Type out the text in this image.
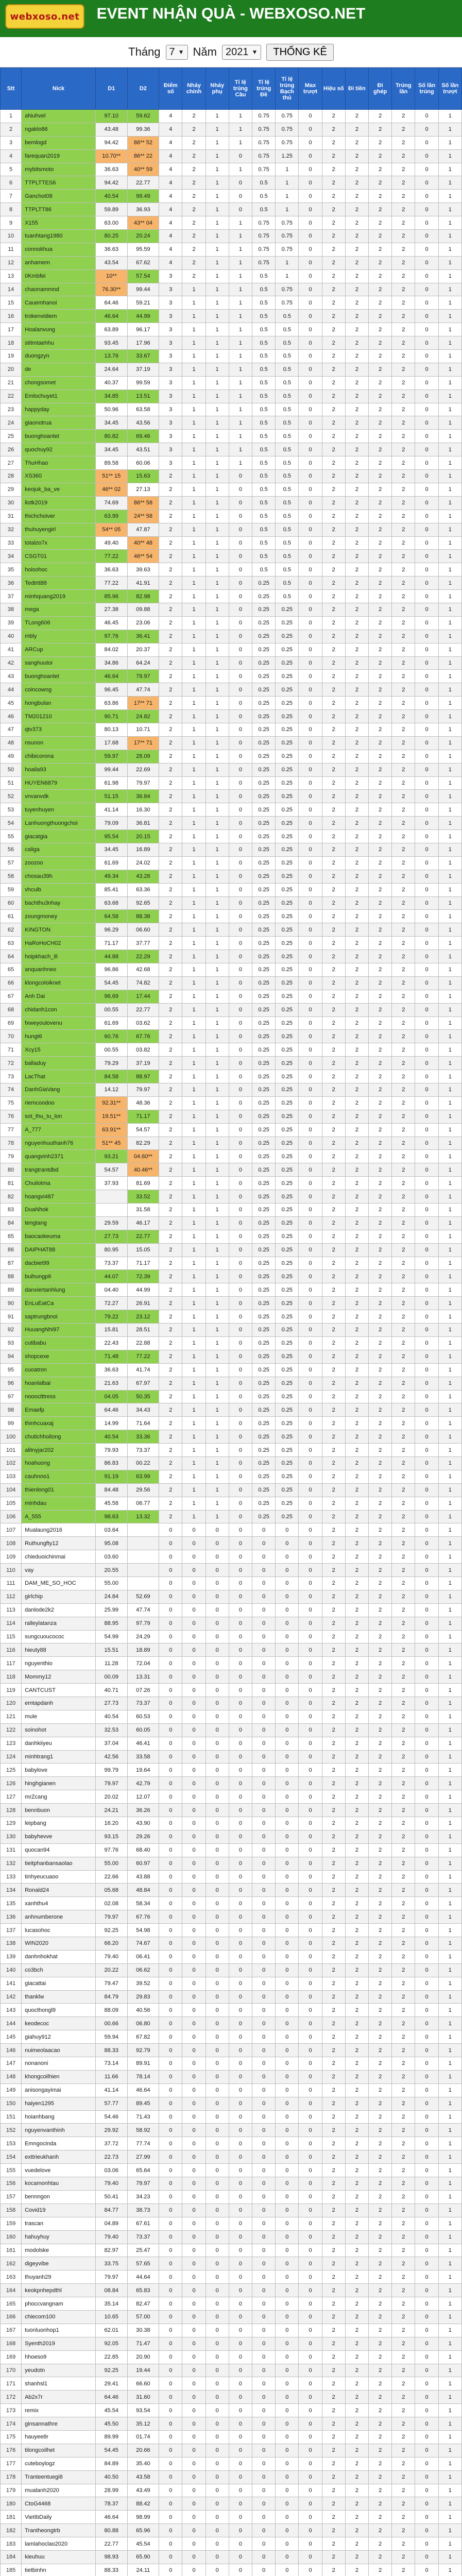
webxoso.net	EVENT NHẬN QUÀ - WEBXOSO.NET
Tháng 7 ▼ Năm 2021 ▼	THỐNG KÊ
Stt	Nick	D1	D2	Điểm số	Nhảy chính	Nhảy phụ	Tỉ lệ trúng Cầu	Tỉ lệ trúng Đề	Tỉ lệ trúng Bạch thủ	Max trượt	Hiệu số	Đi tiền	Đi ghép	Trúng lần	Số lần trúng	Số lần trượt
1	aNuhvel	97.10	59.62	4	2	1	1	0.75	0.75	0	2	2	2	2	0	1
2	ngaklo86	43.48	99.36	4	2	1	1	0.75	0.75	0	2	2	2	2	0	1
3	bemlogd	94.42	86** 52	4	2	1	1	0.75	0.75	0	2	2	2	2	0	1
4	farequan2019	10.70**	86** 22	4	2	1	0	0.75	1.25	0	2	2	2	2	0	1
5	mybitsmoto	36.63	40** 59	4	2	1	1	0.75	1	0	2	2	2	2	0	1
6	TTPLTTES6	94.42	22.77	4	2	1	0	0.5	1	0	2	2	2	2	0	1
7	Ganchot08	40.54	99.49	4	2	1	0	0.5	1	0	2	2	2	2	0	1
8	TTPLTT86	59.89	36.93	4	2	1	0	0.5	1	0	2	2	2	2	0	1
9	X155	63.00	43** 04	4	2	1	1	0.75	0.75	0	2	2	2	2	0	1
10	tuanhtang1980	80.25	20.24	4	2	1	1	0.75	0.75	0	2	2	2	2	0	1
11	connokhua	36.63	95.59	4	2	1	1	0.75	0.75	0	2	2	2	2	0	1
12	anhamem	43.54	67.62	4	2	1	1	0.75	1	0	2	2	2	2	0	1
13	0Kmbfei	10**	57.54	3	2	1	1	0.5	1	0	2	2	2	2	0	1
14	chaonammnd	76.30**	99.44	3	1	1	1	0.5	0.75	0	2	2	2	2	0	1
15	Cauemhanoi	64.46	59.21	3	1	1	1	0.5	0.75	0	2	2	2	2	0	1
16	trokenvidiem	46.64	44.99	3	1	1	1	0.5	0.5	0	2	2	2	2	0	1
17	Hoalanvung	63.89	96.17	3	1	1	1	0.5	0.5	0	2	2	2	2	0	1
18	stitmtaehhu	93.45	17.96	3	1	1	1	0.5	0.5	0	2	2	2	2	0	1
19	duongzyn	13.76	33.67	3	1	1	1	0.5	0.5	0	2	2	2	2	0	1
20	de	24.64	37.19	3	1	1	1	0.5	0.5	0	2	2	2	2	0	1
21	chongsomet	40.37	99.59	3	1	1	1	0.5	0.5	0	2	2	2	2	0	1
22	Emlochuyet1	34.85	13.51	3	1	1	1	0.5	0.5	0	2	2	2	2	0	1
23	happyday	50.96	63.58	3	1	1	1	0.5	0.5	0	2	2	2	2	0	1
24	giaonotrua	34.45	43.56	3	1	1	1	0.5	0.5	0	2	2	2	2	0	1
25	buonghoanlet	80.82	69.46	3	1	1	1	0.5	0.5	0	2	2	2	2	0	1
26	quochuy92	34.45	43.51	3	1	1	1	0.5	0.5	0	2	2	2	2	0	1
27	ThuHhao	89.58	60.06	3	1	1	1	0.5	0.5	0	2	2	2	2	0	1
28	XS360	51** 15	15.63	2	1	1	0	0.5	0.5	0	2	2	2	2	0	1
29	keojuk_ba_ve	46** 02	27.13	2	1	1	0	0.5	0.5	0	2	2	2	2	0	1
30	liotk2019	74.69	86** 58	2	1	1	0	0.5	0.5	0	2	2	2	2	0	1
31	thichchoiver	63.99	24** 58	2	1	1	0	0.5	0.5	0	2	2	2	2	0	1
32	thuhuyengirl	54** 05	47.87	2	1	1	0	0.5	0.5	0	2	2	2	2	0	1
33	totalzo7x	49.40	40** 48	2	1	1	0	0.5	0.5	0	2	2	2	2	0	1
34	CSGT01	77.22	46** 54	2	1	1	0	0.5	0.5	0	2	2	2	2	0	1
35	hoisohoc	36.63	39.63	2	1	1	0	0.5	0.5	0	2	2	2	2	0	1
36	Tedtrtt88	77.22	41.91	2	1	1	0	0.25	0.5	0	2	2	2	2	0	1
37	minhquang2019	85.96	82.98	2	1	1	0	0.25	0.5	0	2	2	2	2	0	1
38	mega	27.38	09.88	2	1	1	0	0.25	0.25	0	2	2	2	2	0	1
39	TLong606	46.45	23.06	2	1	1	0	0.25	0.25	0	2	2	2	2	0	1
40	mbly	97.76	36.41	2	1	1	0	0.25	0.25	0	2	2	2	2	0	1
41	ARCup	84.02	20.37	2	1	1	0	0.25	0.25	0	2	2	2	2	0	1
42	sanghuutoi	34.86	64.24	2	1	1	0	0.25	0.25	0	2	2	2	2	0	1
43	buonghoanlet	46.64	79.97	2	1	1	0	0.25	0.25	0	2	2	2	2	0	1
44	coincowng	96.45	47.74	2	1	1	0	0.25	0.25	0	2	2	2	2	0	1
45	hongbulan	63.86	17** 71	2	1	1	0	0.25	0.25	0	2	2	2	2	0	1
46	TM201210	90.71	24.82	2	1	1	0	0.25	0.25	0	2	2	2	2	0	1
47	qtv373	80.13	10.71	2	1	1	0	0.25	0.25	0	2	2	2	2	0	1
48	nsunon	17.68	17** 71	2	1	1	0	0.25	0.25	0	2	2	2	2	0	1
49	chibicorona	59.97	28.09	2	1	1	0	0.25	0.25	0	2	2	2	2	0	1
50	hoaila93	99.44	22.69	2	1	1	0	0.25	0.25	0	2	2	2	2	0	1
51	HUYEN6879	61.98	79.97	2	1	1	0	0.25	0.25	0	2	2	2	2	0	1
52	vnvanvdk	51.15	36.84	2	1	1	0	0.25	0.25	0	2	2	2	2	0	1
53	tuyenhuyen	41.14	16.30	2	1	1	0	0.25	0.25	0	2	2	2	2	0	1
54	Lanhuongthuongchoi	79.09	36.81	2	1	1	0	0.25	0.25	0	2	2	2	2	0	1
55	giacatgia	95.54	20.15	2	1	1	0	0.25	0.25	0	2	2	2	2	0	1
56	caliga	34.45	16.89	2	1	1	0	0.25	0.25	0	2	2	2	2	0	1
57	zoozoo	61.69	24.02	2	1	1	0	0.25	0.25	0	2	2	2	2	0	1
58	chosau39h	49.34	43.28	2	1	1	0	0.25	0.25	0	2	2	2	2	0	1
59	vhcuib	85.41	63.36	2	1	1	0	0.25	0.25	0	2	2	2	2	0	1
60	bachthu3nhay	63.68	92.65	2	1	1	0	0.25	0.25	0	2	2	2	2	0	1
61	zoungmoney	64.58	88.38	2	1	1	0	0.25	0.25	0	2	2	2	2	0	1
62	KINGTON	96.29	06.60	2	1	1	0	0.25	0.25	0	2	2	2	2	0	1
63	HaRoHoCH02	71.17	37.77	2	1	1	0	0.25	0.25	0	2	2	2	2	0	1
64	hoipkhach_ill	44.88	22.29	2	1	1	0	0.25	0.25	0	2	2	2	2	0	1
65	anquanhneo	96.86	42.68	2	1	1	0	0.25	0.25	0	2	2	2	2	0	1
66	klongcoloiknet	54.45	74.82	2	1	1	0	0.25	0.25	0	2	2	2	2	0	1
67	Anh Dai	96.69	17.44	2	1	1	0	0.25	0.25	0	2	2	2	2	0	1
68	chidanh1con	00.55	22.77	2	1	1	0	0.25	0.25	0	2	2	2	2	0	1
69	fxweyoulovenu	61.69	03.62	2	1	1	0	0.25	0.25	0	2	2	2	2	0	1
70	hungt6	60.76	67.76	2	1	1	0	0.25	0.25	0	2	2	2	2	0	1
71	Xcy15	00.55	03.82	2	1	1	0	0.25	0.25	0	2	2	2	2	0	1
72	balladuy	79.29	37.19	2	1	1	0	0.25	0.25	0	2	2	2	2	0	1
73	LacThat	84.58	88.97	2	1	1	0	0.25	0.25	0	2	2	2	2	0	1
74	DanhGiaVang	14.12	79.97	2	1	1	0	0.25	0.25	0	2	2	2	2	0	1
75	riemcoodoo	92.31**	48.36	2	1	1	0	0.25	0.25	0	2	2	2	2	0	1
76	sot_thu_tu_lon	19.51**	71.17	2	1	1	0	0.25	0.25	0	2	2	2	2	0	1
77	A_777	63.91**	54.57	2	1	1	0	0.25	0.25	0	2	2	2	2	0	1
78	nguyenhuuthanh76	51** 45	82.29	2	1	1	0	0.25	0.25	0	2	2	2	2	0	1
79	quangvinh2371	93.21	04.60**	2	1	1	0	0.25	0.25	0	2	2	2	2	0	1
80	trangtrantdbd	54.57	40.46**	2	1	1	0	0.25	0.25	0	2	2	2	2	0	1
81	Chuilotma	37.93	81.69	2	1	1	0	0.25	0.25	0	2	2	2	2	0	1
82	hoangvi487		33.52	2	1	1	0	0.25	0.25	0	2	2	2	2	0	1
83	DuaNhok		31.58	2	1	1	0	0.25	0.25	0	2	2	2	2	0	1
84	tengtang	29.59	46.17	2	1	1	0	0.25	0.25	0	2	2	2	2	0	1
85	baocaokeuma	27.73	22.77	2	1	1	0	0.25	0.25	0	2	2	2	2	0	1
86	DAIPHAT88	80.95	15.05	2	1	1	0	0.25	0.25	0	2	2	2	2	0	1
87	dacbiet99	73.37	71.17	2	1	1	0	0.25	0.25	0	2	2	2	2	0	1
88	buihungp6	44.07	72.39	2	1	1	0	0.25	0.25	0	2	2	2	2	0	1
89	danxiertanhlung	04.40	44.99	2	1	1	0	0.25	0.25	0	2	2	2	2	0	1
90	EnLuEatCa	72.27	26.91	2	1	1	0	0.25	0.25	0	2	2	2	2	0	1
91	saptrungbnoi	79.22	23.12	2	1	1	0	0.25	0.25	0	2	2	2	2	0	1
92	HuuangNhi97	15.81	28.51	2	1	1	0	0.25	0.25	0	2	2	2	2	0	1
93	cutibabu	22.43	22.88	2	1	1	0	0.25	0.25	0	2	2	2	2	0	1
94	shopcexe	71.48	77.22	2	1	1	0	0.25	0.25	0	2	2	2	2	0	1
95	cuoatron	36.63	41.74	2	1	1	0	0.25	0.25	0	2	2	2	2	0	1
96	hoanlalbai	21.63	67.97	2	1	1	0	0.25	0.25	0	2	2	2	2	0	1
97	noooctttress	04.05	50.35	2	1	1	0	0.25	0.25	0	2	2	2	2	0	1
98	Emaefp	64.46	34.43	2	1	1	0	0.25	0.25	0	2	2	2	2	0	1
99	thinhcuaxaj	14.99	71.64	2	1	1	0	0.25	0.25	0	2	2	2	2	0	1
100	chutichhoilong	40.54	33.36	2	1	1	0	0.25	0.25	0	2	2	2	2	0	1
101	alitnyjar202	79.93	73.37	2	1	1	0	0.25	0.25	0	2	2	2	2	0	1
102	hoahuong	86.83	00.22	2	1	1	0	0.25	0.25	0	2	2	2	2	0	1
103	cauhnno1	91.19	63.99	2	1	1	0	0.25	0.25	0	2	2	2	2	0	1
104	thienlong01	84.48	29.56	2	1	1	0	0.25	0.25	0	2	2	2	2	0	1
105	minhdau	45.58	06.77	2	1	1	0	0.25	0.25	0	2	2	2	2	0	1
106	A_555	98.63	13.32	2	1	1	0	0.25	0.25	0	2	2	2	2	0	1
107	Mualaung2016	03.64		0	0	0	0	0	0	0	2	2	2	2	0	1
108	Ruthungfty12	95.08		0	0	0	0	0	0	0	2	2	2	2	0	1
109	chieduoichinmai	03.60		0	0	0	0	0	0	0	2	2	2	2	0	1
110	vay	20.55		0	0	0	0	0	0	0	2	2	2	2	0	1
111	DAM_ME_SO_HOC	55.00		0	0	0	0	0	0	0	2	2	2	2	0	1
112	girlchip	24.84	52.69	0	0	0	0	0	0	0	2	2	2	2	0	1
113	danlode2k2	25.99	47.74	0	0	0	0	0	0	0	2	2	2	2	0	1
114	ralleylatanza	88.95	97.79	0	0	0	0	0	0	0	2	2	2	2	0	1
115	sungcuoucococ	54.99	24.29	0	0	0	0	0	0	0	2	2	2	2	0	1
116	hieuty88	15.51	18.89	0	0	0	0	0	0	0	2	2	2	2	0	1
117	nguyenthio	11.28	72.04	0	0	0	0	0	0	0	2	2	2	2	0	1
118	Mommy12	00.09	13.31	0	0	0	0	0	0	0	2	2	2	2	0	1
119	CANTCUST	40.71	07.26	0	0	0	0	0	0	0	2	2	2	2	0	1
120	emtapdanh	27.73	73.37	0	0	0	0	0	0	0	2	2	2	2	0	1
121	mule	40.54	60.53	0	0	0	0	0	0	0	2	2	2	2	0	1
122	soinohot	32.53	60.05	0	0	0	0	0	0	0	2	2	2	2	0	1
123	danhkiiyeu	37.04	46.41	0	0	0	0	0	0	0	2	2	2	2	0	1
124	minhtrang1	42.56	33.58	0	0	0	0	0	0	0	2	2	2	2	0	1
125	babylove	99.79	19.64	0	0	0	0	0	0	0	2	2	2	2	0	1
126	hinghgianen	79.97	42.79	0	0	0	0	0	0	0	2	2	2	2	0	1
127	mrZcang	20.02	12.07	0	0	0	0	0	0	0	2	2	2	2	0	1
128	bennbuon	24.21	36.26	0	0	0	0	0	0	0	2	2	2	2	0	1
129	leipbang	16.20	43.90	0	0	0	0	0	0	0	2	2	2	2	0	1
130	babyhevve	93.15	29.26	0	0	0	0	0	0	0	2	2	2	2	0	1
131	quocan94	97.76	68.40	0	0	0	0	0	0	0	2	2	2	2	0	1
132	tieitphanbansaolao	55.00	60.97	0	0	0	0	0	0	0	2	2	2	2	0	1
133	tinhyeucuaoo	22.66	43.88	0	0	0	0	0	0	0	2	2	2	2	0	1
134	Ronald24	05.68	48.84	0	0	0	0	0	0	0	2	2	2	2	0	1
135	xanhthu4	02.08	58.34	0	0	0	0	0	0	0	2	2	2	2	0	1
136	anhnumberone	79.97	67.76	0	0	0	0	0	0	0	2	2	2	2	0	1
137	lucasohoc	92.25	54.98	0	0	0	0	0	0	0	2	2	2	2	0	1
138	WIN2020	66.20	74.67	0	0	0	0	0	0	0	2	2	2	2	0	1
139	danhnhokhat	79.40	06.41	0	0	0	0	0	0	0	2	2	2	2	0	1
140	co3bch	20.22	06.62	0	0	0	0	0	0	0	2	2	2	2	0	1
141	giacattai	79.47	39.52	0	0	0	0	0	0	0	2	2	2	2	0	1
142	thanklw	84.79	29.83	0	0	0	0	0	0	0	2	2	2	2	0	1
143	quocthongl9	88.09	40.56	0	0	0	0	0	0	0	2	2	2	2	0	1
144	keodecoc	00.66	06.80	0	0	0	0	0	0	0	2	2	2	2	0	1
145	giahuy912	59.94	67.82	0	0	0	0	0	0	0	2	2	2	2	0	1
146	nuimeolaacao	88.33	92.79	0	0	0	0	0	0	0	2	2	2	2	0	1
147	nonanoni	73.14	89.91	0	0	0	0	0	0	0	2	2	2	2	0	1
148	khongcoilhien	11.66	78.14	0	0	0	0	0	0	0	2	2	2	2	0	1
149	anisongayimai	41.14	46.64	0	0	0	0	0	0	0	2	2	2	2	0	1
150	haiyen1295	57.77	89.45	0	0	0	0	0	0	0	2	2	2	2	0	1
151	hoianhbang	54.46	71.43	0	0	0	0	0	0	0	2	2	2	2	0	1
152	nguyenvanthinh	29.92	58.92	0	0	0	0	0	0	0	2	2	2	2	0	1
153	Emngocinda	37.72	77.74	0	0	0	0	0	0	0	2	2	2	2	0	1
154	exttrieukhanh	22.73	27.99	0	0	0	0	0	0	0	2	2	2	2	0	1
155	vuedelove	03.06	65.64	0	0	0	0	0	0	0	2	2	2	2	0	1
156	kocamonhtau	79.40	79.97	0	0	0	0	0	0	0	2	2	2	2	0	1
157	bennngon	50.41	34.23	0	0	0	0	0	0	0	2	2	2	2	0	1
158	Covid19	84.77	38.73	0	0	0	0	0	0	0	2	2	2	2	0	1
159	trascan	04.89	67.61	0	0	0	0	0	0	0	2	2	2	2	0	1
160	hahuyhuy	79.40	73.37	0	0	0	0	0	0	0	2	2	2	2	0	1
161	modolske	82.97	25.47	0	0	0	0	0	0	0	2	2	2	2	0	1
162	digeyvibe	33.75	57.65	0	0	0	0	0	0	0	2	2	2	2	0	1
163	thuyanh29	79.97	44.64	0	0	0	0	0	0	0	2	2	2	2	0	1
164	keokpnhepdthl	08.84	65.83	0	0	0	0	0	0	0	2	2	2	2	0	1
165	phoccvangnam	35.14	82.47	0	0	0	0	0	0	0	2	2	2	2	0	1
166	chiecom100	10.65	57.00	0	0	0	0	0	0	0	2	2	2	2	0	1
167	tuonluonhop1	62.01	30.38	0	0	0	0	0	0	0	2	2	2	2	0	1
168	Syenth2019	92.05	71.47	0	0	0	0	0	0	0	2	2	2	2	0	1
169	hhoeso9	22.85	20.90	0	0	0	0	0	0	0	2	2	2	2	0	1
170	yeudotn	92.25	19.44	0	0	0	0	0	0	0	2	2	2	2	0	1
171	shanhsl1	29.41	66.60	0	0	0	0	0	0	0	2	2	2	2	0	1
172	Ab2x7r	64.46	31.60	0	0	0	0	0	0	0	2	2	2	2	0	1
173	remix	45.54	93.54	0	0	0	0	0	0	0	2	2	2	2	0	1
174	ginsannathre	45.50	35.12	0	0	0	0	0	0	0	2	2	2	2	0	1
175	hauyee8r	89.99	01.74	0	0	0	0	0	0	0	2	2	2	2	0	1
176	tilongcoilhet	54.45	20.66	0	0	0	0	0	0	0	2	2	2	2	0	1
177	cuteboylogz	84.89	35.40	0	0	0	0	0	0	0	2	2	2	2	0	1
178	Tranteentuegi8	40.50	43.58	0	0	0	0	0	0	0	2	2	2	2	0	1
179	mualanh2020	28.99	43.49	0	0	0	0	0	0	0	2	2	2	2	0	1
180	CtoG4468	78.37	88.42	0	0	0	0	0	0	0	2	2	2	2	0	1
181	VietIbDaily	46.64	98.99	0	0	0	0	0	0	0	2	2	2	2	0	1
182	Trantheongtrb	80.88	65.96	0	0	0	0	0	0	0	2	2	2	2	0	1
183	lamlahoclao2020	22.77	45.54	0	0	0	0	0	0	0	2	2	2	2	0	1
184	kieuhuu	98.93	65.90	0	0	0	0	0	0	0	2	2	2	2	0	1
185	tietbinhn	88.33	24.11	0	0	0	0	0	0	0	2	2	2	2	0	1
